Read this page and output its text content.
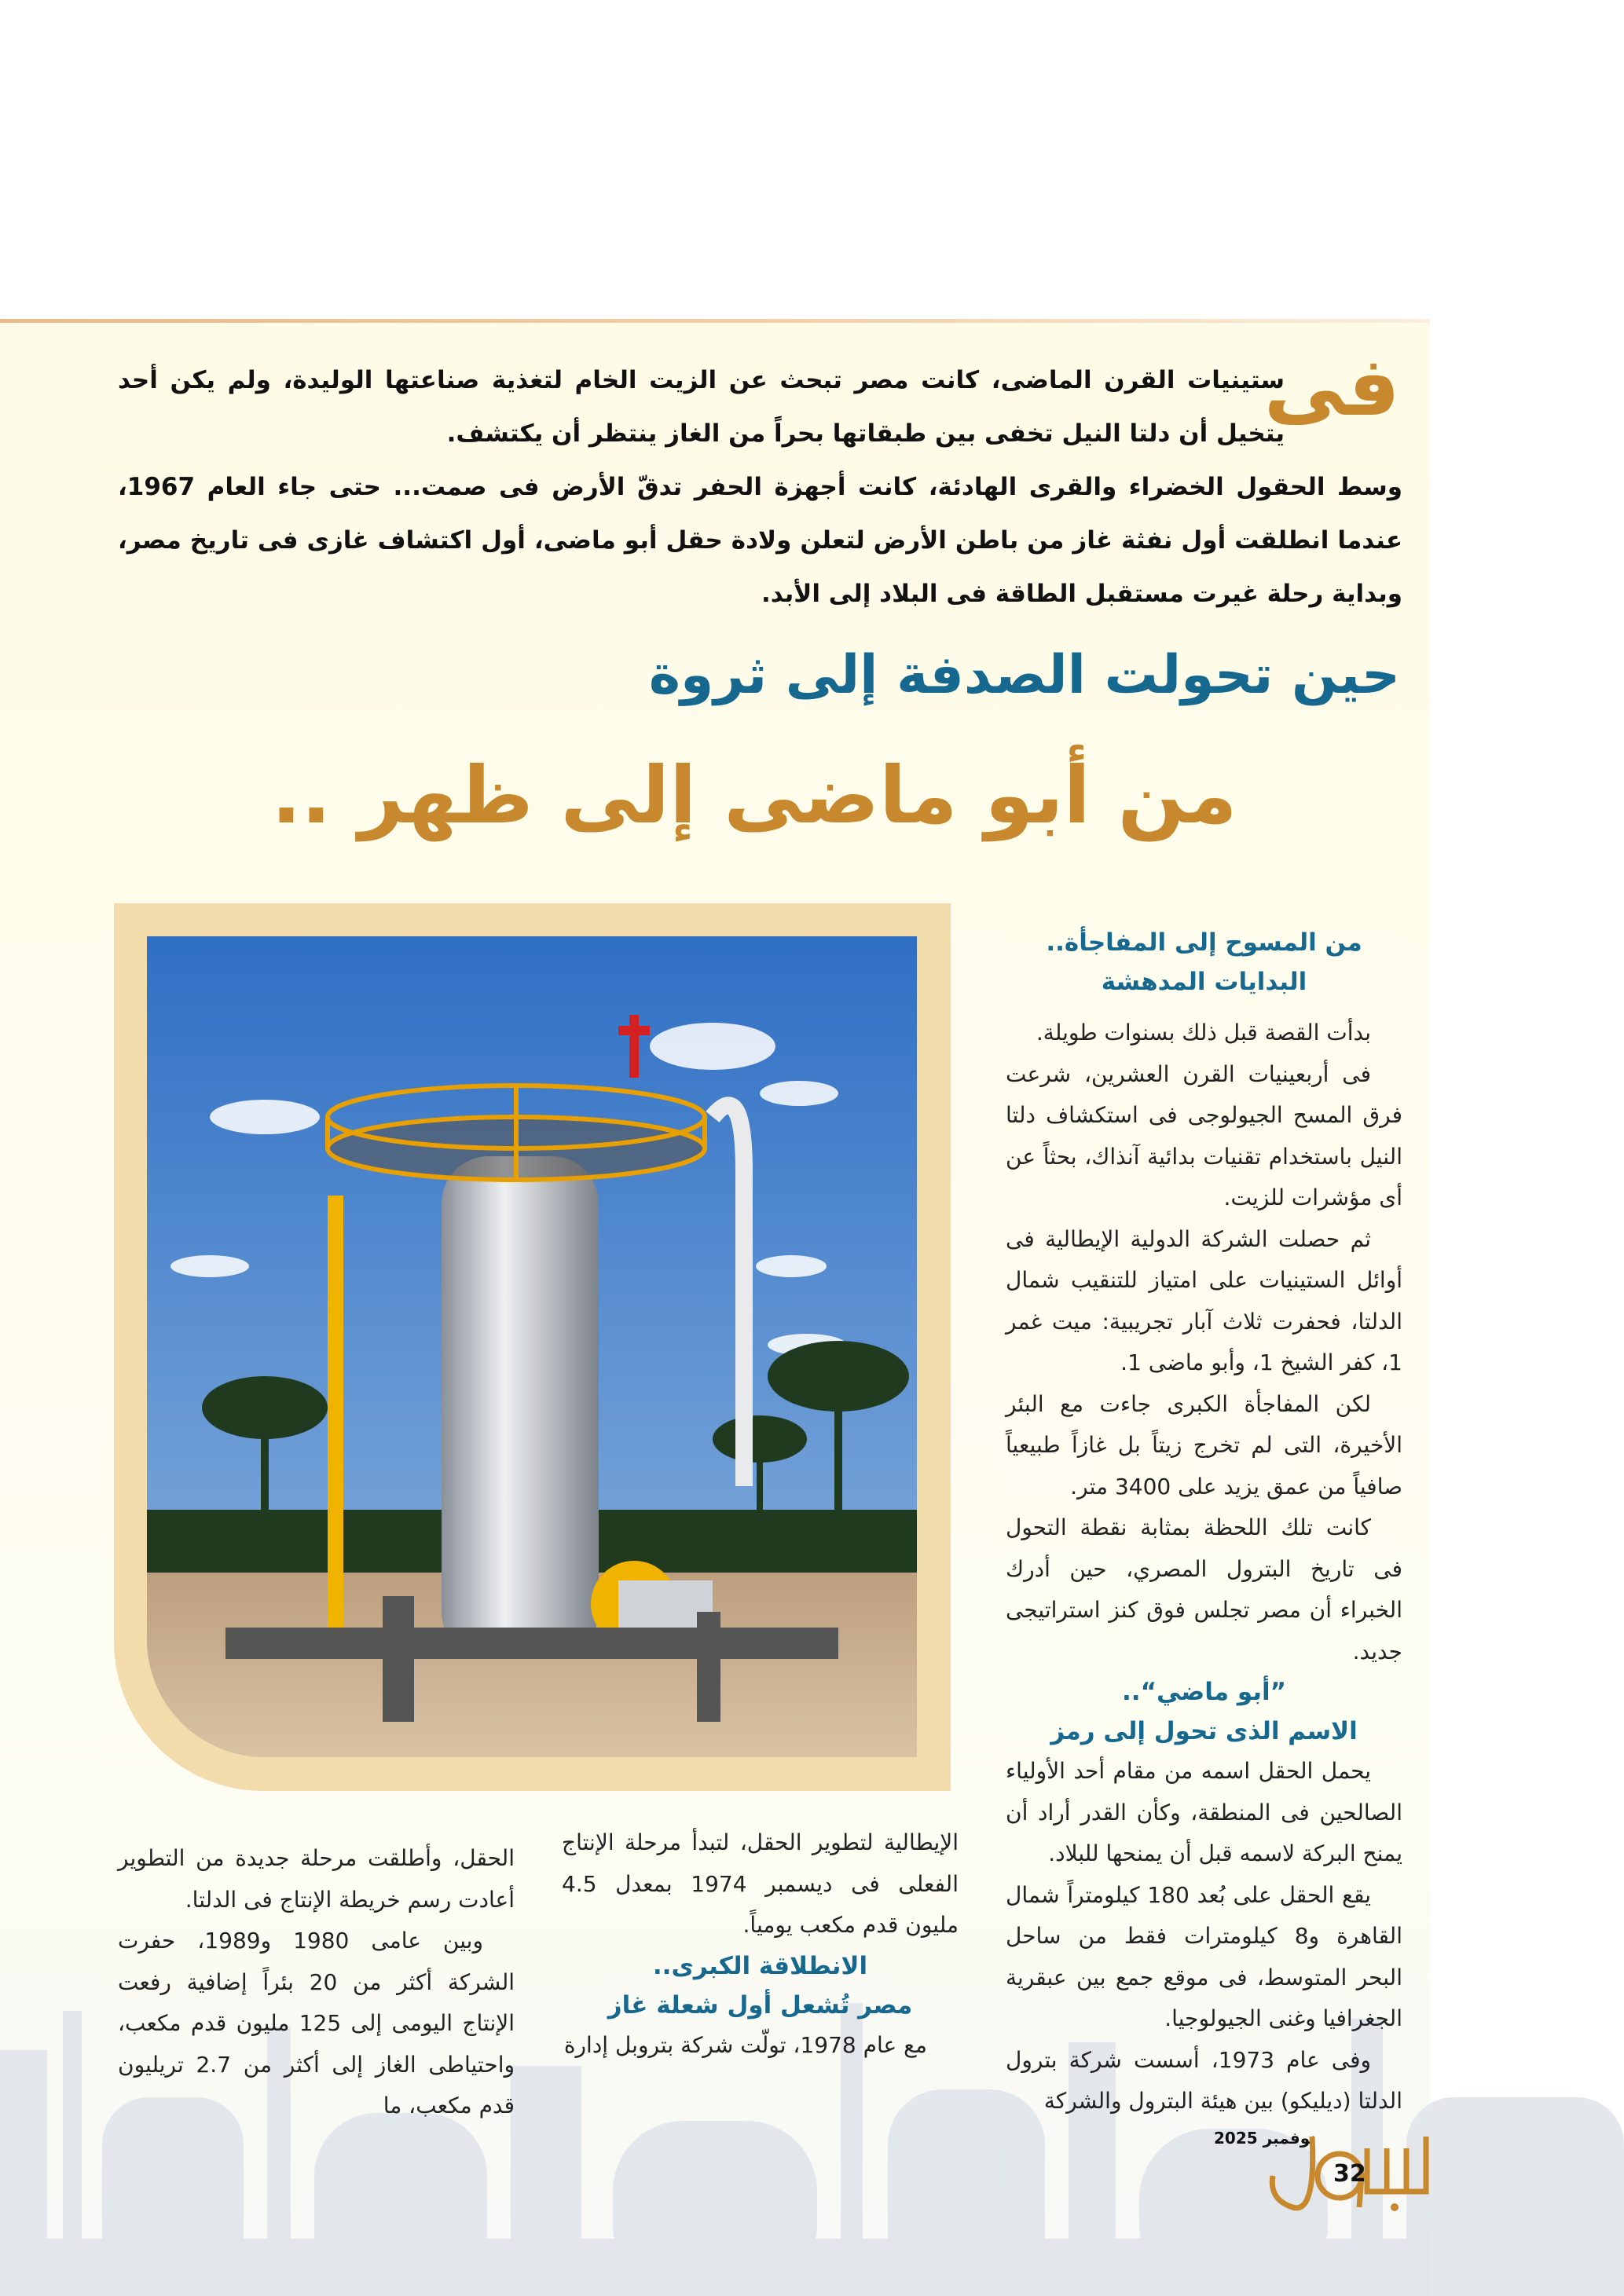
فى

ستينيات القرن الماضى، كانت مصر تبحث عن الزيت الخام لتغذية صناعتها الوليدة، ولم يكن أحد يتخيل أن دلتا النيل تخفى بين طبقاتها بحراً من الغاز ينتظر أن يكتشف.

وسط الحقول الخضراء والقرى الهادئة، كانت أجهزة الحفر تدقّ الأرض فى صمت... حتى جاء العام 1967، عندما انطلقت أول نفثة غاز من باطن الأرض لتعلن ولادة حقل أبو ماضى، أول اكتشاف غازى فى تاريخ مصر، وبداية رحلة غيرت مستقبل الطاقة فى البلاد إلى الأبد.

حين تحولت الصدفة إلى ثروة
من أبو ماضى إلى ظهر ..
من المسوح إلى المفاجأة..
البدايات المدهشة

بدأت القصة قبل ذلك بسنوات طويلة.

فى أربعينيات القرن العشرين، شرعت فرق المسح الجيولوجى فى استكشاف دلتا النيل باستخدام تقنيات بدائية آنذاك، بحثاً عن أى مؤشرات للزيت.

ثم حصلت الشركة الدولية الإيطالية فى أوائل الستينيات على امتياز للتنقيب شمال الدلتا، فحفرت ثلاث آبار تجريبية: ميت غمر 1، كفر الشيخ 1، وأبو ماضى 1.

لكن المفاجأة الكبرى جاءت مع البئر الأخيرة، التى لم تخرج زيتاً بل غازاً طبيعياً صافياً من عمق يزيد على 3400 متر.

كانت تلك اللحظة بمثابة نقطة التحول فى تاريخ البترول المصري، حين أدرك الخبراء أن مصر تجلس فوق كنز استراتيجى جديد.

”أبو ماضي“..
الاسم الذى تحول إلى رمز

يحمل الحقل اسمه من مقام أحد الأولياء الصالحين فى المنطقة، وكأن القدر أراد أن يمنح البركة لاسمه قبل أن يمنحها للبلاد.

يقع الحقل على بُعد 180 كيلومتراً شمال القاهرة و8 كيلومترات فقط من ساحل البحر المتوسط، فى موقع جمع بين عبقرية الجغرافيا وغنى الجيولوجيا.

وفى عام 1973، أسست شركة بترول الدلتا (ديليكو) بين هيئة البترول والشركة

الإيطالية لتطوير الحقل، لتبدأ مرحلة الإنتاج الفعلى فى ديسمبر 1974 بمعدل 4.5 مليون قدم مكعب يومياً.

الانطلاقة الكبرى..
مصر تُشعل أول شعلة غاز

مع عام 1978، تولّت شركة بتروبل إدارة

الحقل، وأطلقت مرحلة جديدة من التطوير أعادت رسم خريطة الإنتاج فى الدلتا.

وبين عامى 1980 و1989، حفرت الشركة أكثر من 20 بئراً إضافية رفعت الإنتاج اليومى إلى 125 مليون قدم مكعب، واحتياطى الغاز إلى أكثر من 2.7 تريليون قدم مكعب، ما

نوفمبر 2025
32
